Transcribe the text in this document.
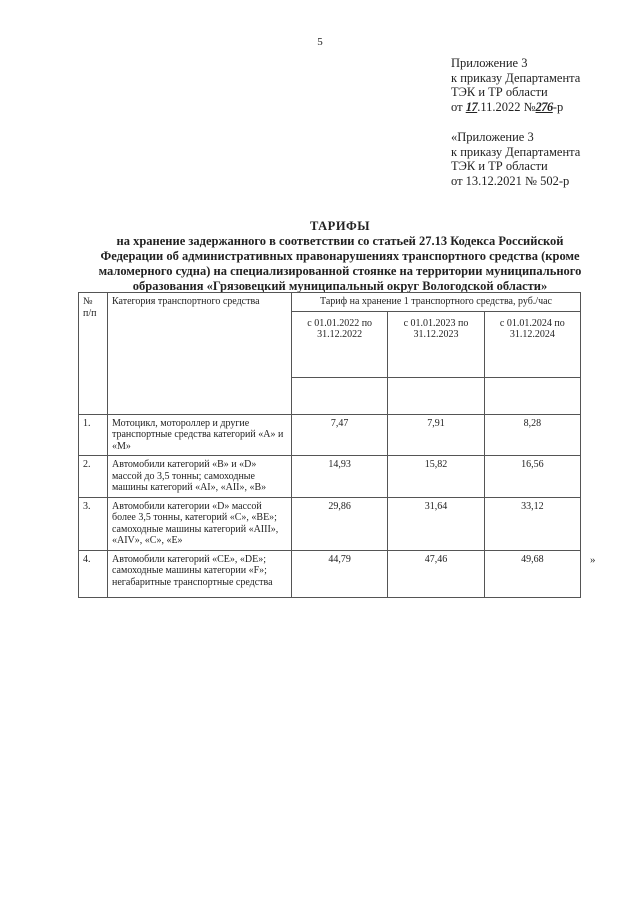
5
Приложение 3
к приказу Департамента
ТЭК и ТР области
от 17.11.2022 №276-р
«Приложение 3
к приказу Департамента
ТЭК и ТР области
от 13.12.2021 № 502-р
ТАРИФЫ
на хранение задержанного в соответствии со статьей 27.13 Кодекса Российской
Федерации об административных правонарушениях транспортного средства (кроме
маломерного судна) на специализированной стоянке на территории муниципального
образования «Грязовецкий муниципальный округ Вологодской области»
№ п/п	Категория транспортного средства	Тариф на хранение 1 транспортного средства, руб./час		
		с 01.01.2022 по 31.12.2022	с 01.01.2023 по 31.12.2023	с 01.01.2024 по 31.12.2024

1.	Мотоцикл, мотороллер и другие транспортные средства категорий «А» и «М»	7,47	7,91	8,28
2.	Автомобили категорий «В» и «D» массой до 3,5 тонны; самоходные машины категорий «AI», «AII», «В»	14,93	15,82	16,56
3.	Автомобили категории «D» массой более 3,5 тонны, категорий «С», «ВЕ»; самоходные машины категорий «AIII», «AIV», «С», «Е»	29,86	31,64	33,12
4.	Автомобили категорий «СЕ», «DE»; самоходные машины категории «F»; негабаритные транспортные средства	44,79	47,46	49,68	»
